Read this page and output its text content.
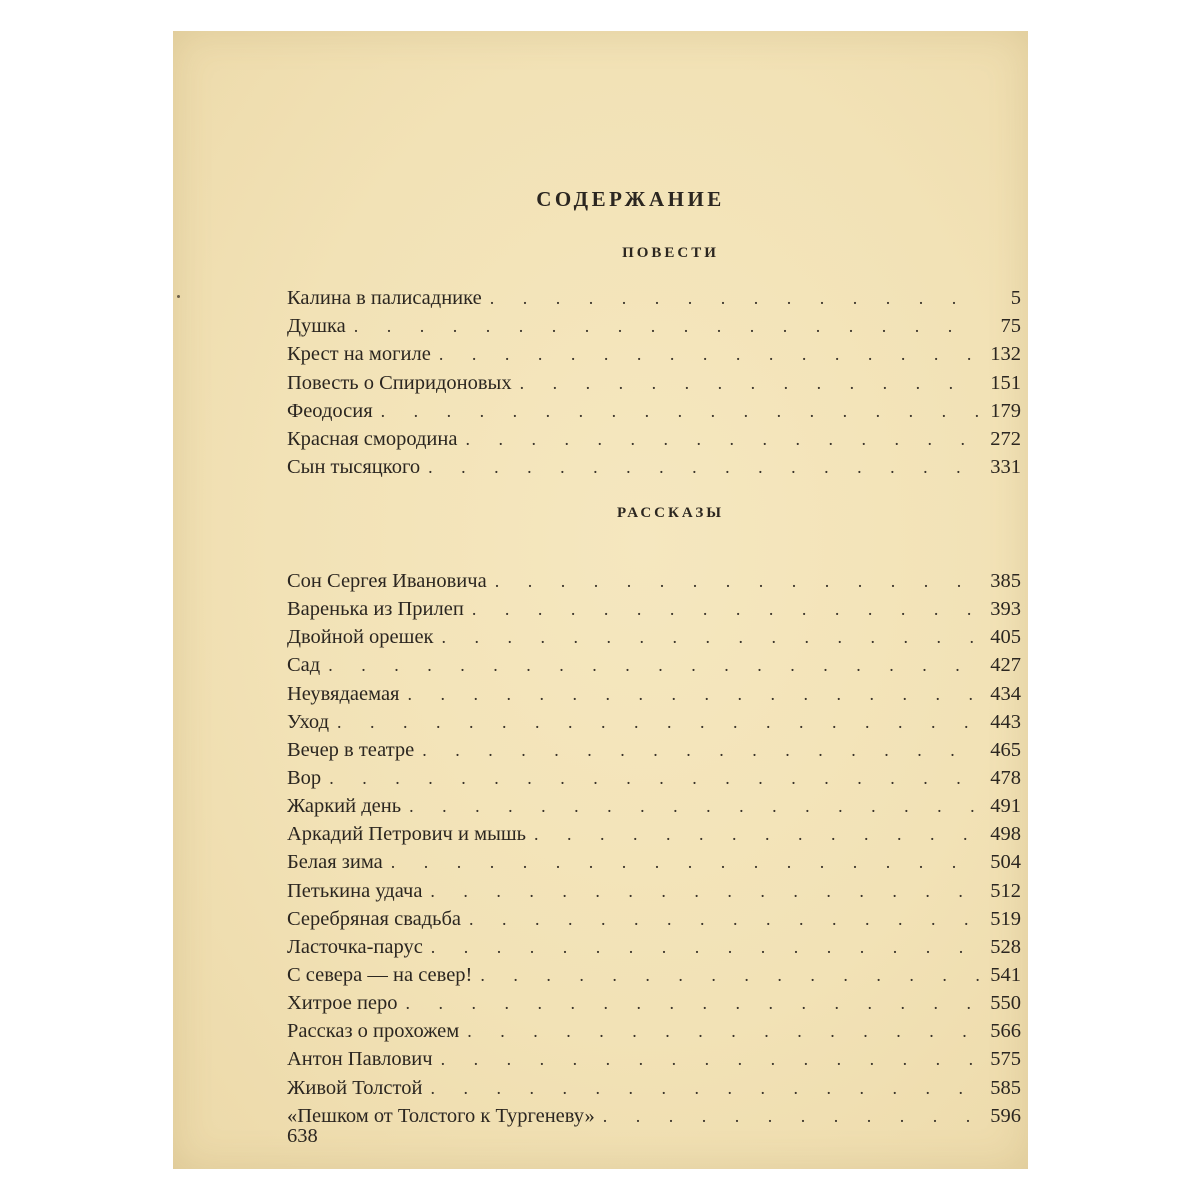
СОДЕРЖАНИЕ
ПОВЕСТИ
Калина в палисаднике . . .	5
Душка . . .	75
Крест на могиле . . .	132
Повесть о Спиридоновых . . .	151
Феодосия . . .	179
Красная смородина . . .	272
Сын тысяцкого . . .	331
РАССКАЗЫ
Сон Сергея Ивановича . . .	385
Варенька из Прилеп . . .	393
Двойной орешек . . .	405
Сад . . .	427
Неувядаемая . . .	434
Уход . . .	443
Вечер в театре . . .	465
Вор . . .	478
Жаркий день . . .	491
Аркадий Петрович и мышь . . .	498
Белая зима . . .	504
Петькина удача . . .	512
Серебряная свадьба . . .	519
Ласточка-парус . . .	528
С севера — на север! . . .	541
Хитрое перо . . .	550
Рассказ о прохожем . . .	566
Антон Павлович . . .	575
Живой Толстой . . .	585
«Пешком от Толстого к Тургеневу» . . .	596
638
